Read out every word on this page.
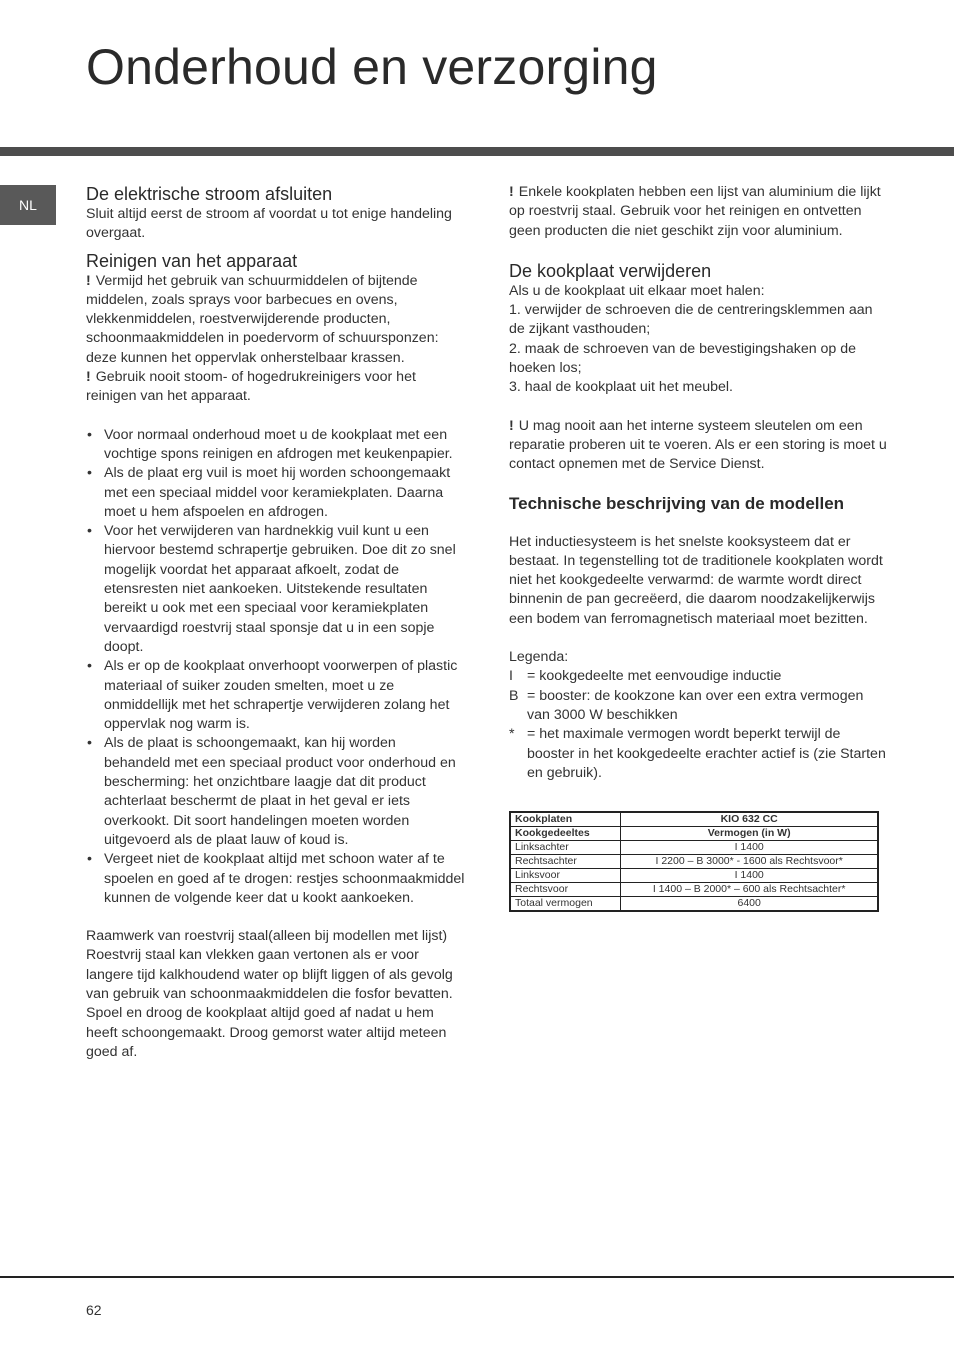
Onderhoud en verzorging
NL
De elektrische stroom afsluiten

Sluit altijd eerst de stroom af voordat u tot enige handeling overgaat.

Reinigen van het apparaat

! Vermijd het gebruik van schuurmiddelen of bijtende middelen, zoals sprays voor barbecues en ovens, vlekkenmiddelen, roestverwijderende producten, schoonmaakmiddelen in poedervorm of schuursponzen: deze kunnen het oppervlak onherstelbaar krassen.

! Gebruik nooit stoom- of hogedrukreinigers voor het reinigen van het apparaat.

• Voor normaal onderhoud moet u de kookplaat met een vochtige spons reinigen en afdrogen met keukenpapier.
• Als de plaat erg vuil is moet hij worden schoongemaakt met een speciaal middel voor keramiekplaten. Daarna moet u hem afspoelen en afdrogen.
• Voor het verwijderen van hardnekkig vuil kunt u een hiervoor bestemd schrapertje gebruiken. Doe dit zo snel mogelijk voordat het apparaat afkoelt, zodat de etensresten niet aankoeken. Uitstekende resultaten bereikt u ook met een speciaal voor keramiekplaten vervaardigd roestvrij staal sponsje dat u in een sopje doopt.
• Als er op de kookplaat onverhoopt voorwerpen of plastic materiaal of suiker zouden smelten, moet u ze onmiddellijk met het schrapertje verwijderen zolang het oppervlak nog warm is.
• Als de plaat is schoongemaakt, kan hij worden behandeld met een speciaal product voor onderhoud en bescherming: het onzichtbare laagje dat dit product achterlaat beschermt de plaat in het geval er iets overkookt. Dit soort handelingen moeten worden uitgevoerd als de plaat lauw of koud is.
• Vergeet niet de kookplaat altijd met schoon water af te spoelen en goed af te drogen: restjes schoonmaakmiddel kunnen de volgende keer dat u kookt aankoeken.

Raamwerk van roestvrij staal(alleen bij modellen met lijst)

Roestvrij staal kan vlekken gaan vertonen als er voor langere tijd kalkhoudend water op blijft liggen of als gevolg van gebruik van schoonmaakmiddelen die fosfor bevatten.

Spoel en droog de kookplaat altijd goed af nadat u hem heeft schoongemaakt. Droog gemorst water altijd meteen goed af.

! Enkele kookplaten hebben een lijst van aluminium die lijkt op roestvrij staal. Gebruik voor het reinigen en ontvetten geen producten die niet geschikt zijn voor aluminium.

De kookplaat verwijderen

Als u de kookplaat uit elkaar moet halen:

1. verwijder de schroeven die de centreringsklemmen aan de zijkant vasthouden;

2. maak de schroeven van de bevestigingshaken op de hoeken los;

3. haal de kookplaat uit het meubel.

! U mag nooit aan het interne systeem sleutelen om een reparatie proberen uit te voeren. Als er een storing is moet u contact opnemen met de Service Dienst.

Technische beschrijving van de modellen

Het inductiesysteem is het snelste kooksysteem dat er bestaat. In tegenstelling tot de traditionele kookplaten wordt niet het kookgedeelte verwarmd: de warmte wordt direct binnenin de pan gecreëerd, die daarom noodzakelijkerwijs een bodem van ferromagnetisch materiaal moet bezitten.

Legenda:

I = kookgedeelte met eenvoudige inductie
B = booster: de kookzone kan over een extra vermogen van 3000 W beschikken
* = het maximale vermogen wordt beperkt terwijl de booster in het kookgedeelte erachter actief is (zie Starten en gebruik).
Kookplaten	KIO 632 CC
Kookgedeeltes	Vermogen (in W)
Linksachter	I 1400
Rechtsachter	I 2200 – B 3000* - 1600 als Rechtsvoor*
Linksvoor	I 1400
Rechtsvoor	I 1400 – B 2000* – 600 als Rechtsachter*
Totaal vermogen	6400
62
